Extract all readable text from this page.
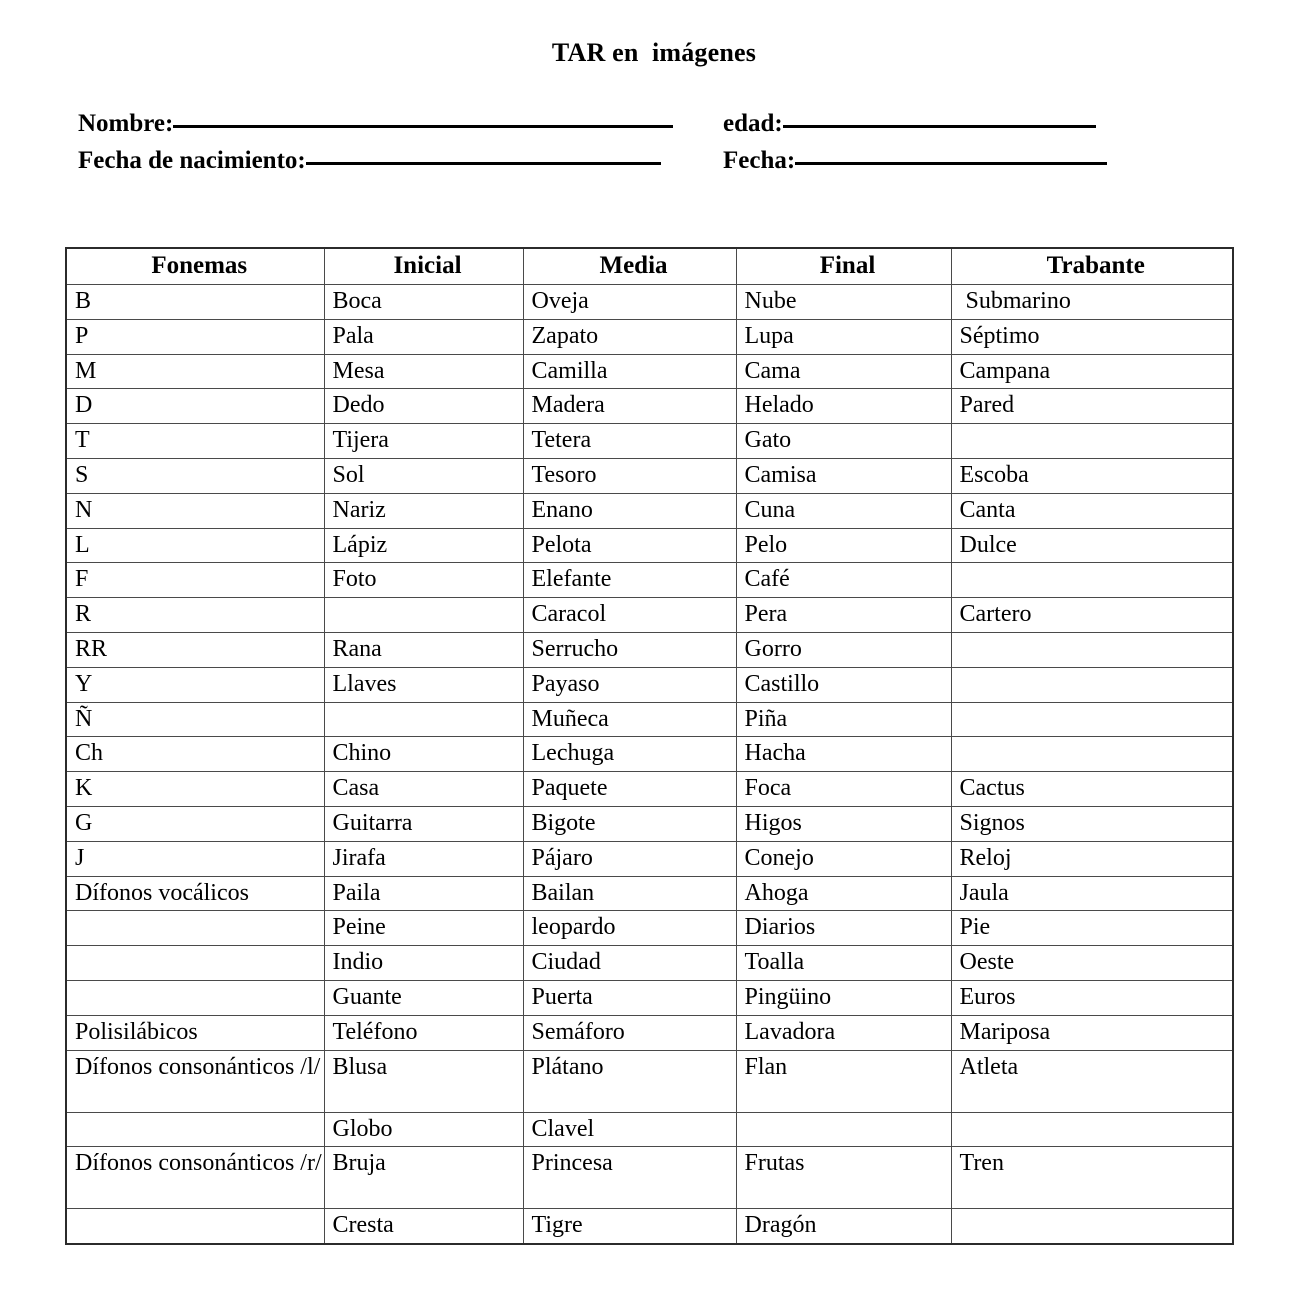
TAR en  imágenes
Nombre:	edad:
Fecha de nacimiento:	Fecha:
Fonemas	Inicial	Media	Final	Trabante
B	Boca	Oveja	Nube	Submarino
P	Pala	Zapato	Lupa	Séptimo
M	Mesa	Camilla	Cama	Campana
D	Dedo	Madera	Helado	Pared
T	Tijera	Tetera	Gato	
S	Sol	Tesoro	Camisa	Escoba
N	Nariz	Enano	Cuna	Canta
L	Lápiz	Pelota	Pelo	Dulce
F	Foto	Elefante	Café	
R		Caracol	Pera	Cartero
RR	Rana	Serrucho	Gorro	
Y	Llaves	Payaso	Castillo	
Ñ		Muñeca	Piña	
Ch	Chino	Lechuga	Hacha	
K	Casa	Paquete	Foca	Cactus
G	Guitarra	Bigote	Higos	Signos
J	Jirafa	Pájaro	Conejo	Reloj
Dífonos vocálicos	Paila	Bailan	Ahoga	Jaula
	Peine	leopardo	Diarios	Pie
	Indio	Ciudad	Toalla	Oeste
	Guante	Puerta	Pingüino	Euros
Polisilábicos	Teléfono	Semáforo	Lavadora	Mariposa
Dífonos consonánticos /l/	Blusa	Plátano	Flan	Atleta
	Globo	Clavel		
Dífonos consonánticos /r/	Bruja	Princesa	Frutas	Tren
	Cresta	Tigre	Dragón	
